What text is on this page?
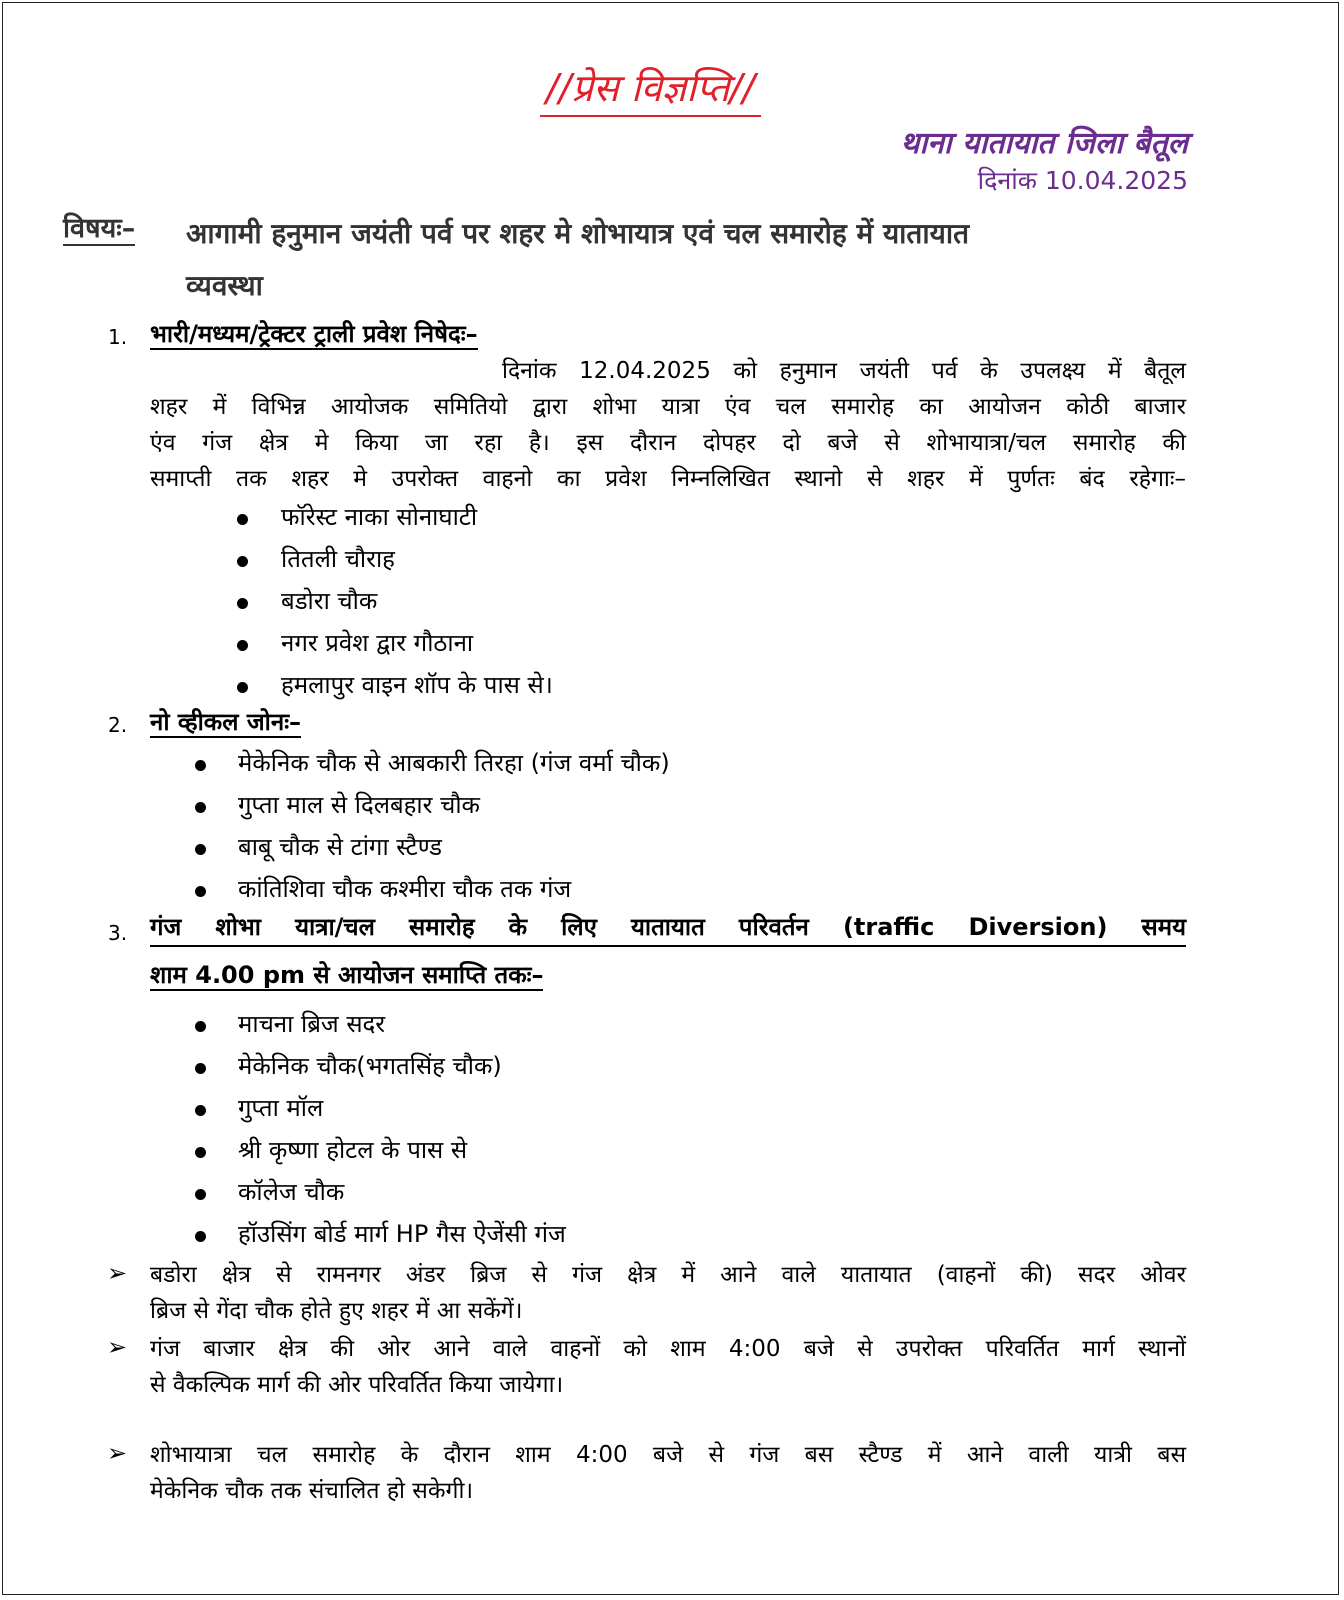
//प्रेस विज्ञप्ति//
थाना यातायात जिला बैतूल
दिनांक 10.04.2025
विषयः– आगामी हनुमान जयंती पर्व पर शहर मे शोभायात्र एवं चल समारोह में यातायात
व्यवस्था
1. भारी/मध्यम/ट्रेक्टर ट्राली प्रवेश निषेदः–
दिनांक 12.04.2025 को हनुमान जयंती पर्व के उपलक्ष्य में बैतूल
शहर में विभिन्न आयोजक समितियो द्वारा शोभा यात्रा एंव चल समारोह का आयोजन कोठी बाजार
एंव गंज क्षेत्र मे किया जा रहा है। इस दौरान दोपहर दो बजे से शोभायात्रा/चल समारोह की
समाप्ती तक शहर मे उपरोक्त वाहनो का प्रवेश निम्नलिखित स्थानो से शहर में पुर्णतः बंद रहेगाः–
फॉरेस्ट नाका सोनाघाटी
तितली चौराह
बडोरा चौक
नगर प्रवेश द्वार गौठाना
हमलापुर वाइन शॉप के पास से।
2. नो व्हीकल जोनः–
मेकेनिक चौक से आबकारी तिरहा (गंज वर्मा चौक)
गुप्ता माल से दिलबहार चौक
बाबू चौक से टांगा स्टैण्ड
कांतिशिवा चौक कश्मीरा चौक तक गंज
3. गंज शोभा यात्रा/चल समारोह के लिए यातायात परिवर्तन (traffic Diversion) समय
शाम 4.00 pm से आयोजन समाप्ति तकः–
माचना ब्रिज सदर
मेकेनिक चौक(भगतसिंह चौक)
गुप्ता मॉल
श्री कृष्णा होटल के पास से
कॉलेज चौक
हॉउसिंग बोर्ड मार्ग HP गैस ऐजेंसी गंज
➢ बडोरा क्षेत्र से रामनगर अंडर ब्रिज से गंज क्षेत्र में आने वाले यातायात (वाहनों की) सदर ओवर
ब्रिज से गेंदा चौक होते हुए शहर में आ सकेंगें।
➢ गंज बाजार क्षेत्र की ओर आने वाले वाहनों को शाम 4:00 बजे से उपरोक्त परिवर्तित मार्ग स्थानों
से वैकल्पिक मार्ग की ओर परिवर्तित किया जायेगा।
➢ शोभायात्रा चल समारोह के दौरान शाम 4:00 बजे से गंज बस स्टैण्ड में आने वाली यात्री बस
मेकेनिक चौक तक संचालित हो सकेगी।
